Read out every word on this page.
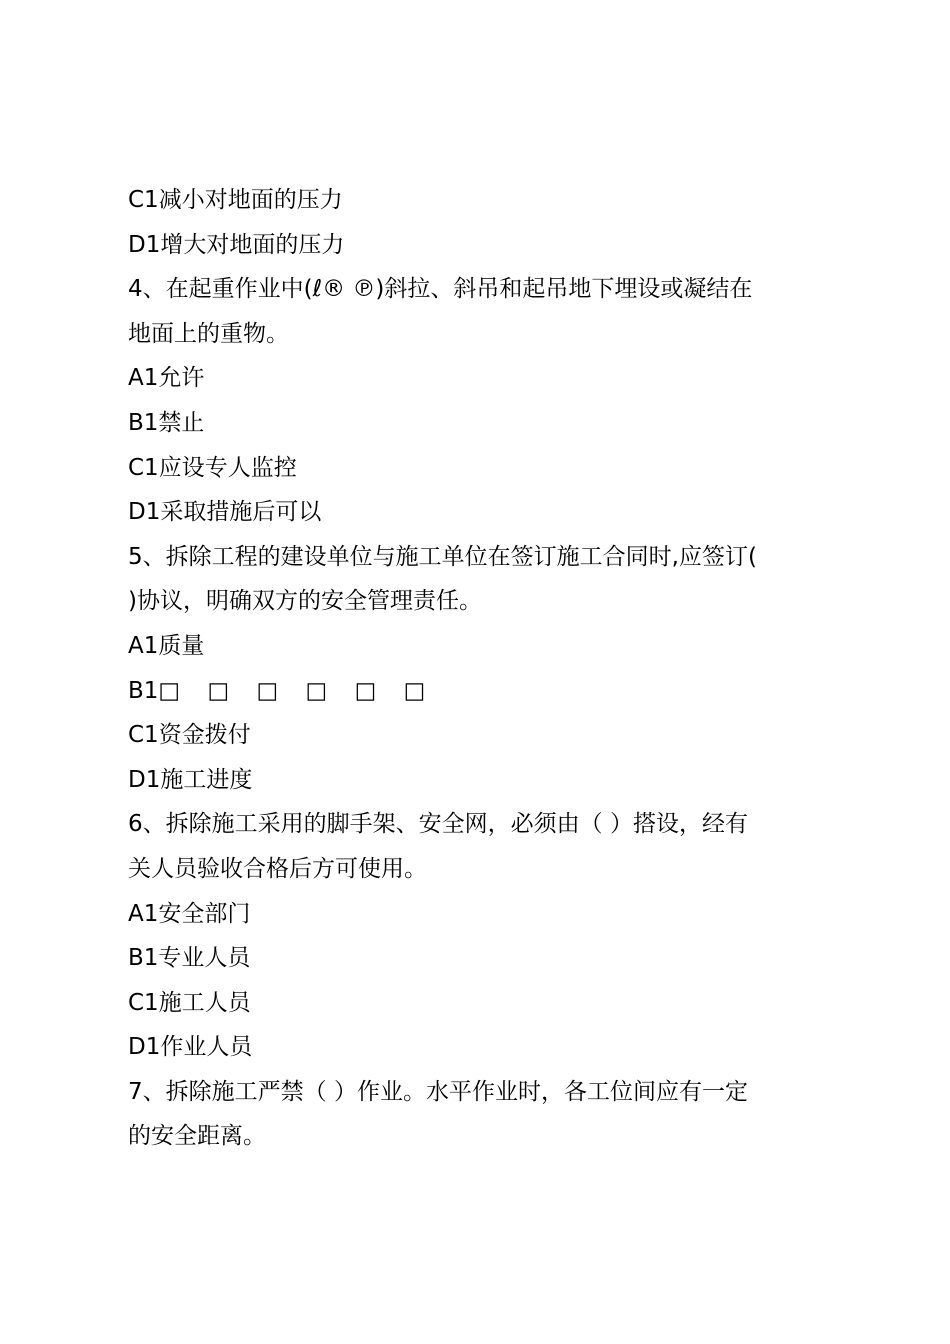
C1减小对地面的压力
D1增大对地面的压力
4、在起重作业中(ℓ® ℗)斜拉、斜吊和起吊地下埋设或凝结在
地面上的重物。
A1允许
B1禁止
C1应设专人监控
D1采取措施后可以
5、拆除工程的建设单位与施工单位在签订施工合同时,应签订(
)协议，明确双方的安全管理责任。
A1质量
B1□ □ □ □ □ □
C1资金拨付
D1施工进度
6、拆除施工采用的脚手架、安全网，必须由（ ）搭设，经有
关人员验收合格后方可使用。
A1安全部门
B1专业人员
C1施工人员
D1作业人员
7、拆除施工严禁（ ）作业。水平作业时，各工位间应有一定
的安全距离。
